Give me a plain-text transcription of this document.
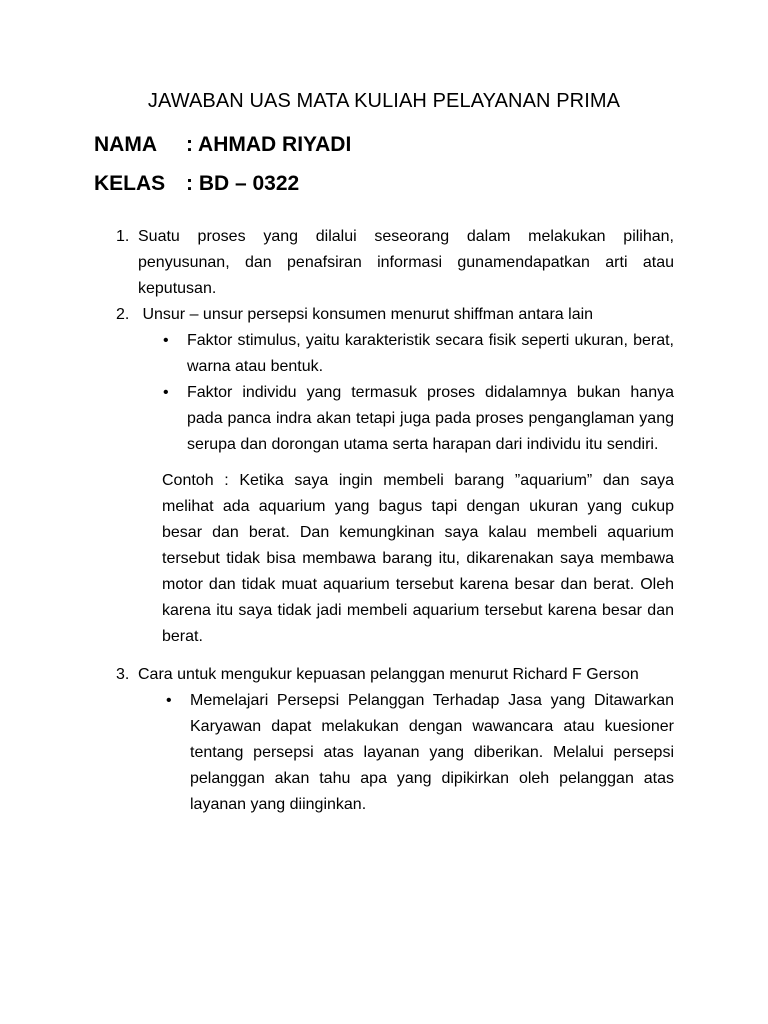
JAWABAN UAS MATA KULIAH PELAYANAN PRIMA
NAMA : AHMAD RIYADI
KELAS : BD – 0322
1. Suatu proses yang dilalui seseorang dalam melakukan pilihan, penyusunan, dan penafsiran informasi gunamendapatkan arti atau keputusan.
2. Unsur – unsur persepsi konsumen menurut shiffman antara lain
• Faktor stimulus, yaitu karakteristik secara fisik seperti ukuran, berat, warna atau bentuk.
• Faktor individu yang termasuk proses didalamnya bukan hanya pada panca indra akan tetapi juga pada proses penganglaman yang serupa dan dorongan utama serta harapan dari individu itu sendiri.
Contoh : Ketika saya ingin membeli barang ”aquarium” dan saya melihat ada aquarium yang bagus tapi dengan ukuran yang cukup besar dan berat. Dan kemungkinan saya kalau membeli aquarium tersebut tidak bisa membawa barang itu, dikarenakan saya membawa motor dan tidak muat aquarium tersebut karena besar dan berat. Oleh karena itu saya tidak jadi membeli aquarium tersebut karena besar dan berat.
3. Cara untuk mengukur kepuasan pelanggan menurut Richard F Gerson
• Memelajari Persepsi Pelanggan Terhadap Jasa yang Ditawarkan Karyawan dapat melakukan dengan wawancara atau kuesioner tentang persepsi atas layanan yang diberikan. Melalui persepsi pelanggan akan tahu apa yang dipikirkan oleh pelanggan atas layanan yang diinginkan.
